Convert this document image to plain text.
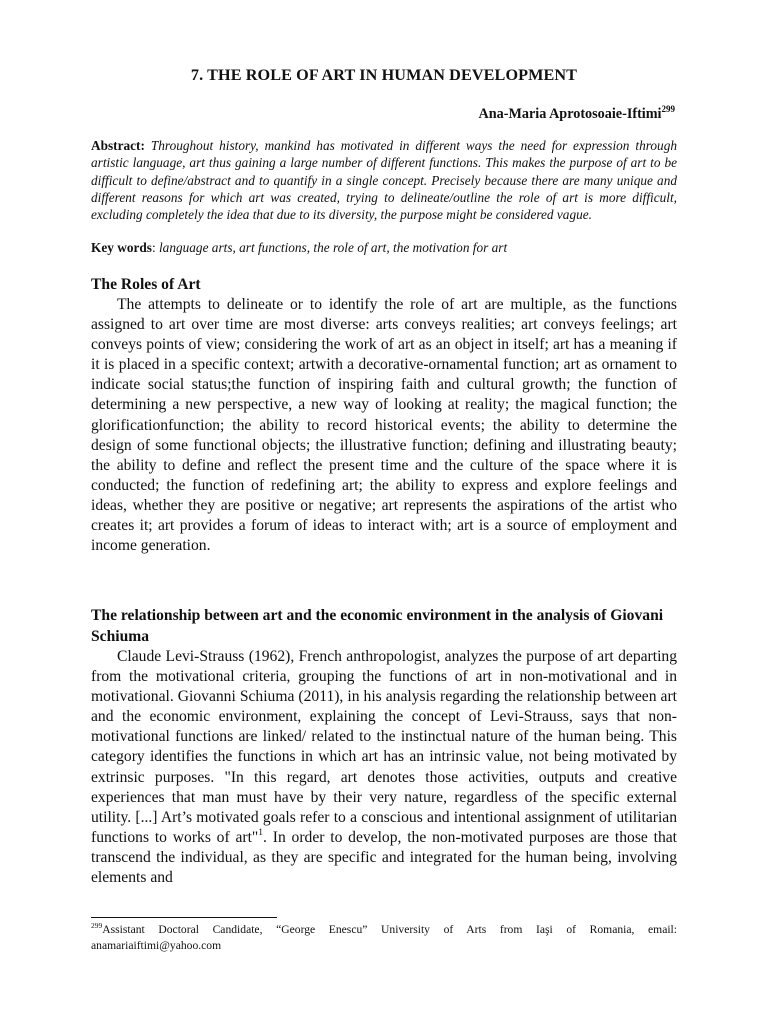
7. THE ROLE OF ART IN HUMAN DEVELOPMENT
Ana-Maria Aprotosoaie-Iftimi$^{299}$
Abstract: Throughout history, mankind has motivated in different ways the need for expression through artistic language, art thus gaining a large number of different functions. This makes the purpose of art to be difficult to define/abstract and to quantify in a single concept. Precisely because there are many unique and different reasons for which art was created, trying to delineate/outline the role of art is more difficult, excluding completely the idea that due to its diversity, the purpose might be considered vague.
Key words: language arts, art functions, the role of art, the motivation for art
The Roles of Art
The attempts to delineate or to identify the role of art are multiple, as the functions assigned to art over time are most diverse: arts conveys realities; art conveys feelings; art conveys points of view; considering the work of art as an object in itself; art has a meaning if it is placed in a specific context; artwith a decorative-ornamental function; art as ornament to indicate social status;the function of inspiring faith and cultural growth; the function of determining a new perspective, a new way of looking at reality; the magical function; the glorificationfunction; the ability to record historical events; the ability to determine the design of some functional objects; the illustrative function; defining and illustrating beauty; the ability to define and reflect the present time and the culture of the space where it is conducted; the function of redefining art; the ability to express and explore feelings and ideas, whether they are positive or negative; art represents the aspirations of the artist who creates it; art provides a forum of ideas to interact with; art is a source of employment and income generation.
The relationship between art and the economic environment in the analysis of Giovani Schiuma
Claude Levi-Strauss (1962), French anthropologist, analyzes the purpose of art departing from the motivational criteria, grouping the functions of art in non-motivational and in motivational. Giovanni Schiuma (2011), in his analysis regarding the relationship between art and the economic environment, explaining the concept of Levi-Strauss, says that non-motivational functions are linked/ related to the instinctual nature of the human being. This category identifies the functions in which art has an intrinsic value, not being motivated by extrinsic purposes. "In this regard, art denotes those activities, outputs and creative experiences that man must have by their very nature, regardless of the specific external utility. [...] Art’s motivated goals refer to a conscious and intentional assignment of utilitarian functions to works of art"$^1$. In order to develop, the non-motivated purposes are those that transcend the individual, as they are specific and integrated for the human being, involving elements and
$^{299}$Assistant Doctoral Candidate, “George Enescu” University of Arts from Iaşi of Romania, email: anamariaiftimi@yahoo.com
